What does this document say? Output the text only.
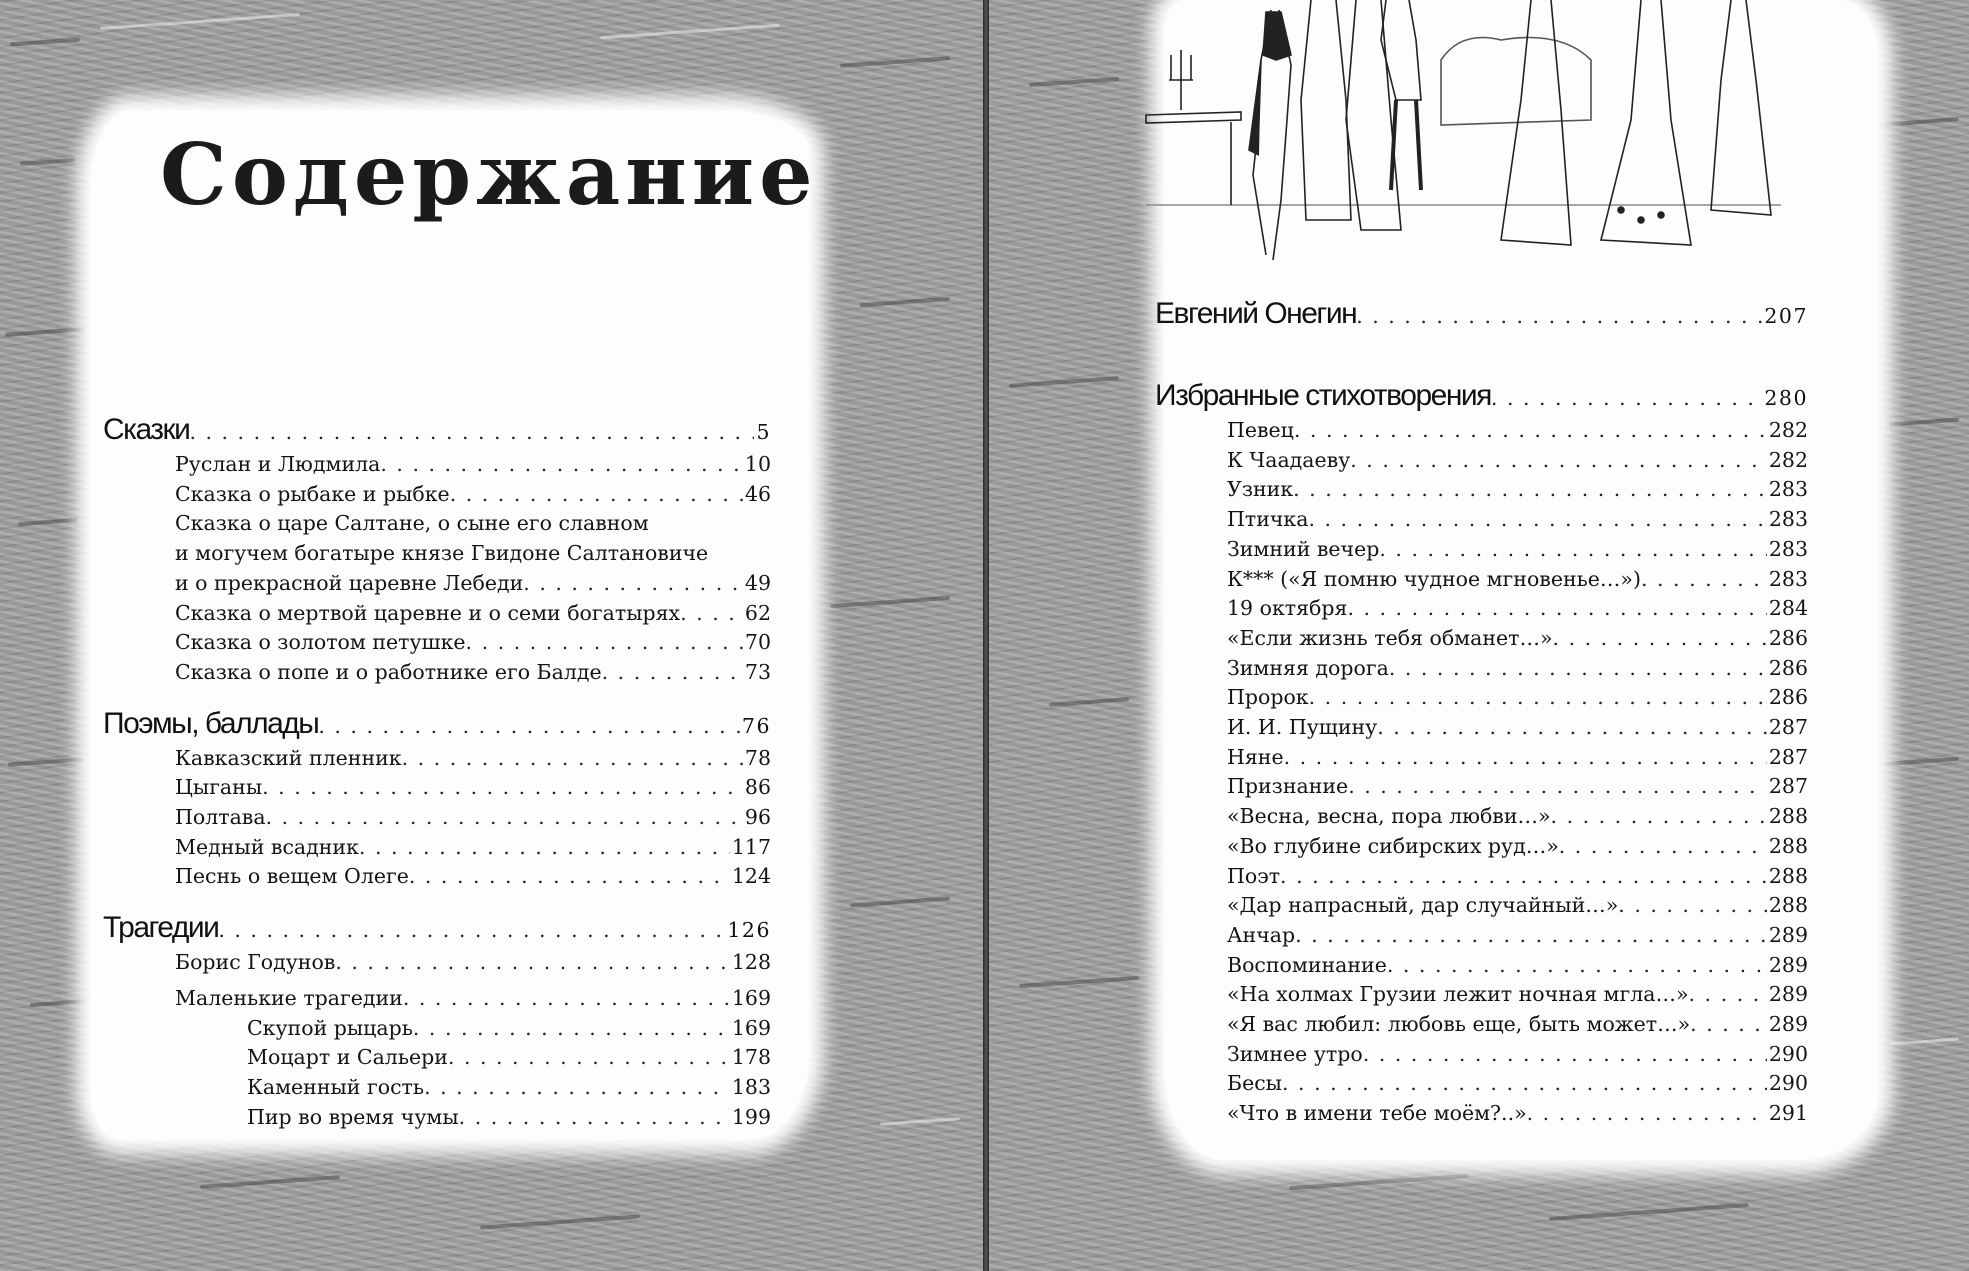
Содержание
Сказки . . .	5
Руслан и Людмила . . .	10
Сказка о рыбаке и рыбке . . .	46
Сказка о царе Салтане, о сыне его славном
и могучем богатыре князе Гвидоне Салтановиче
и о прекрасной царевне Лебеди . . .	49
Сказка о мертвой царевне и о семи богатырях . . .	62
Сказка о золотом петушке . . .	70
Сказка о попе и о работнике его Балде . . .	73
Поэмы, баллады . . .	76
Кавказский пленник . . .	78
Цыганы . . .	86
Полтава . . .	96
Медный всадник . . .	117
Песнь о вещем Олеге . . .	124
Трагедии . . .	126
Борис Годунов . . .	128
Маленькие трагедии . . .	169
Скупой рыцарь . . .	169
Моцарт и Сальери . . .	178
Каменный гость . . .	183
Пир во время чумы . . .	199
Евгений Онегин . . .	207
Избранные стихотворения . . .	280
Певец . . .	282
К Чаадаеву . . .	282
Узник . . .	283
Птичка . . .	283
Зимний вечер . . .	283
К*** («Я помню чудное мгновенье…») . . .	283
19 октября . . .	284
«Если жизнь тебя обманет…» . . .	286
Зимняя дорога . . .	286
Пророк . . .	286
И. И. Пущину . . .	287
Няне . . .	287
Признание . . .	287
«Весна, весна, пора любви…» . . .	288
«Во глубине сибирских руд…» . . .	288
Поэт . . .	288
«Дар напрасный, дар случайный…» . . .	288
Анчар . . .	289
Воспоминание . . .	289
«На холмах Грузии лежит ночная мгла…» . . .	289
«Я вас любил: любовь еще, быть может…» . . .	289
Зимнее утро . . .	290
Бесы . . .	290
«Что в имени тебе моём?..» . . .	291
